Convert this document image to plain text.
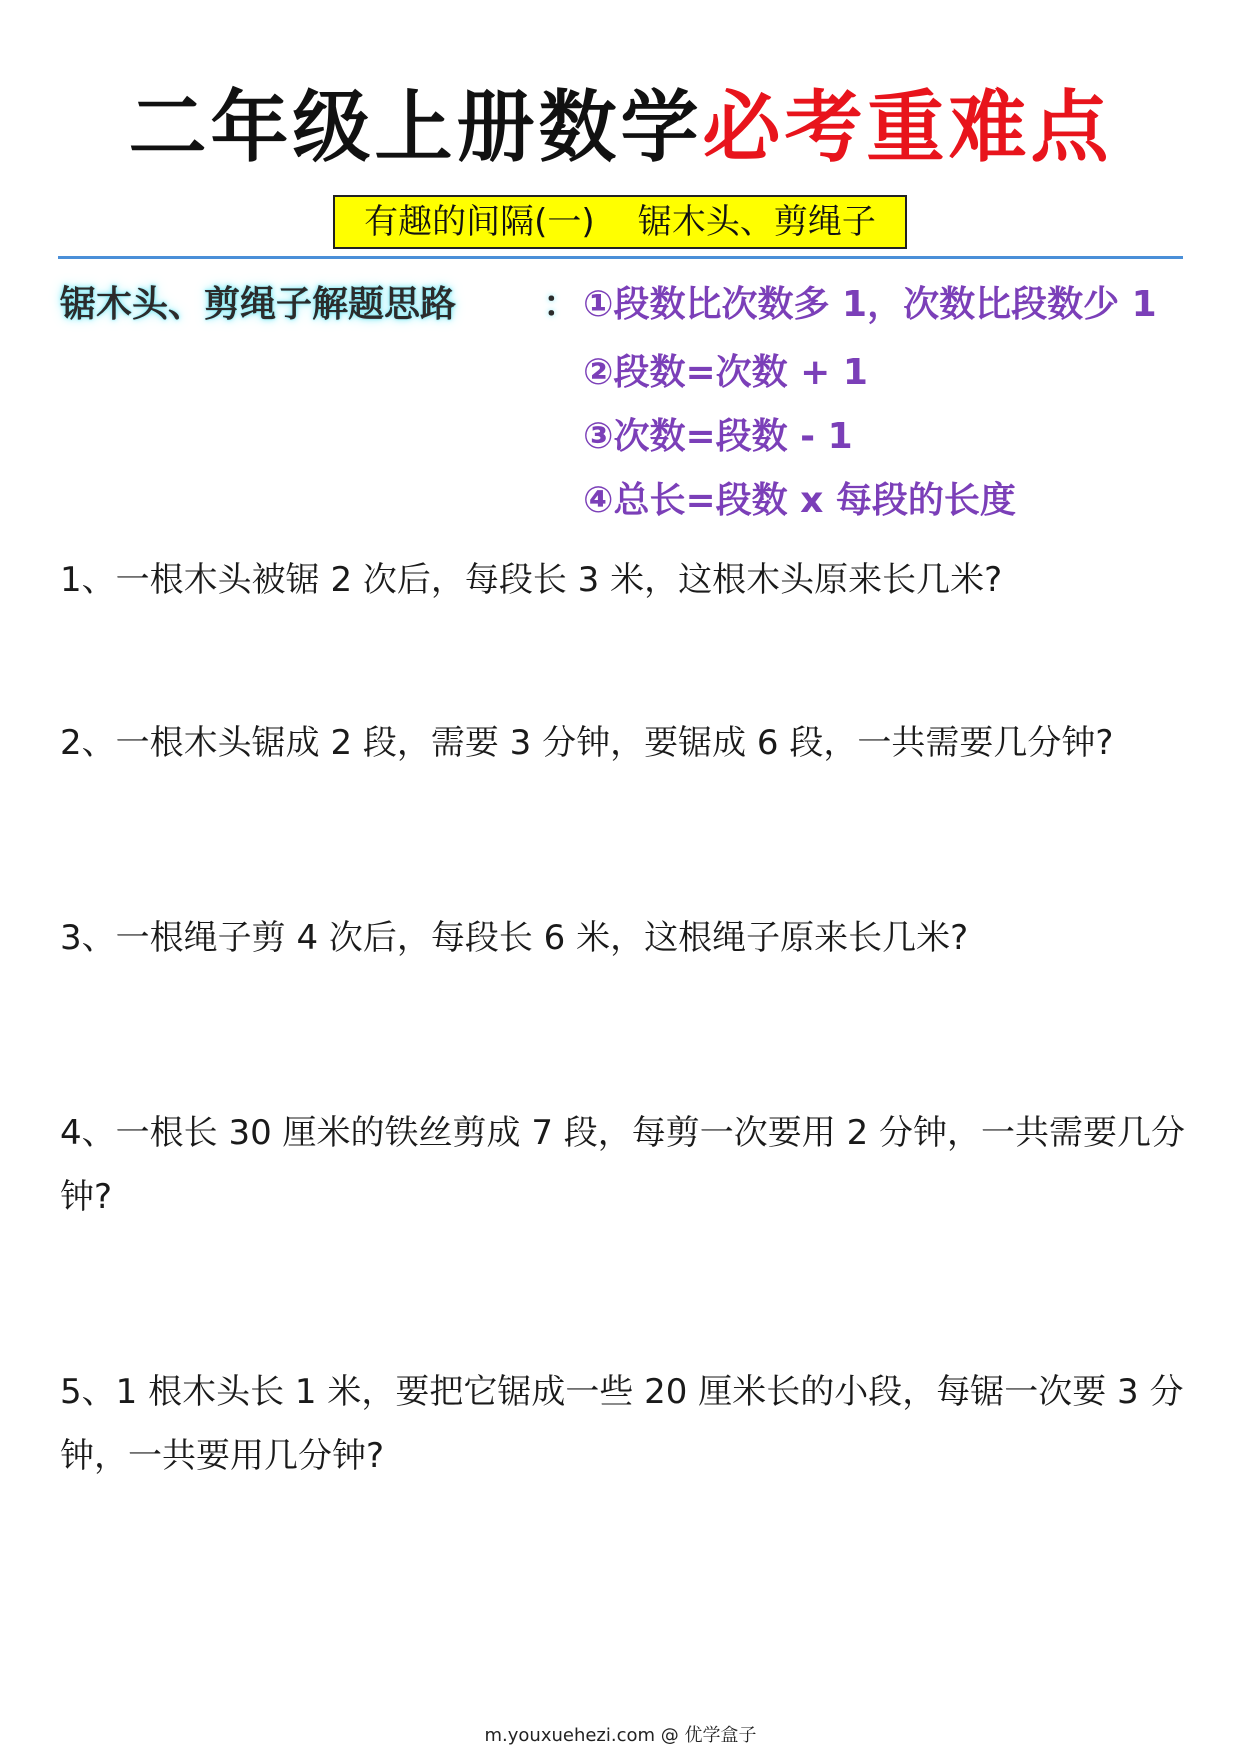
二年级上册数学必考重难点
有趣的间隔(一)    锯木头、剪绳子
锯木头、剪绳子解题思路 ： ①段数比次数多 1，次数比段数少 1
②段数=次数 + 1
③次数=段数 - 1
④总长=段数 x 每段的长度
1、一根木头被锯 2 次后，每段长 3 米，这根木头原来长几米?
2、一根木头锯成 2 段，需要 3 分钟，要锯成 6 段，一共需要几分钟?
3、一根绳子剪 4 次后，每段长 6 米，这根绳子原来长几米?
4、一根长 30 厘米的铁丝剪成 7 段，每剪一次要用 2 分钟，一共需要几分钟?
5、1 根木头长 1 米，要把它锯成一些 20 厘米长的小段，每锯一次要 3 分钟，一共要用几分钟?
m.youxuehezi.com @ 优学盒子
